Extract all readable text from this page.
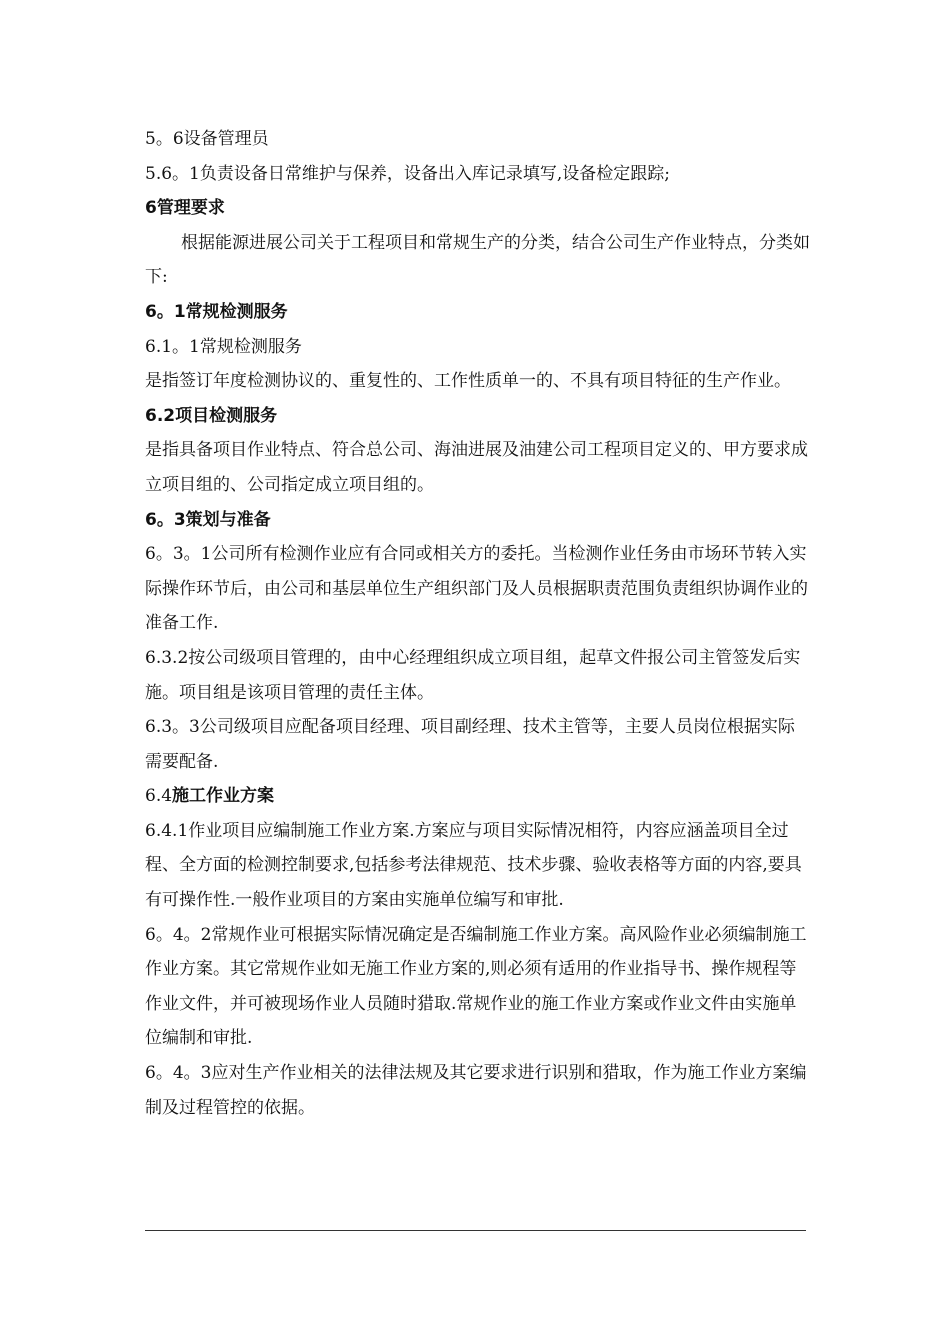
5。6设备管理员

5.6。1负责设备日常维护与保养，设备出入库记录填写,设备检定跟踪;

6管理要求

根据能源进展公司关于工程项目和常规生产的分类，结合公司生产作业特点，分类如下:

6。1常规检测服务

6.1。1常规检测服务

是指签订年度检测协议的、重复性的、工作性质单一的、不具有项目特征的生产作业。

6.2项目检测服务

是指具备项目作业特点、符合总公司、海油进展及油建公司工程项目定义的、甲方要求成立项目组的、公司指定成立项目组的。

6。3策划与准备

6。3。1公司所有检测作业应有合同或相关方的委托。当检测作业任务由市场环节转入实际操作环节后，由公司和基层单位生产组织部门及人员根据职责范围负责组织协调作业的准备工作.

6.3.2按公司级项目管理的，由中心经理组织成立项目组，起草文件报公司主管签发后实施。项目组是该项目管理的责任主体。

6.3。3公司级项目应配备项目经理、项目副经理、技术主管等，主要人员岗位根据实际需要配备.

6.4施工作业方案

6.4.1作业项目应编制施工作业方案.方案应与项目实际情况相符，内容应涵盖项目全过程、全方面的检测控制要求,包括参考法律规范、技术步骤、验收表格等方面的内容,要具有可操作性.一般作业项目的方案由实施单位编写和审批.

6。4。2常规作业可根据实际情况确定是否编制施工作业方案。高风险作业必须编制施工作业方案。其它常规作业如无施工作业方案的,则必须有适用的作业指导书、操作规程等作业文件，并可被现场作业人员随时猎取.常规作业的施工作业方案或作业文件由实施单位编制和审批.

6。4。3应对生产作业相关的法律法规及其它要求进行识别和猎取，作为施工作业方案编制及过程管控的依据。
